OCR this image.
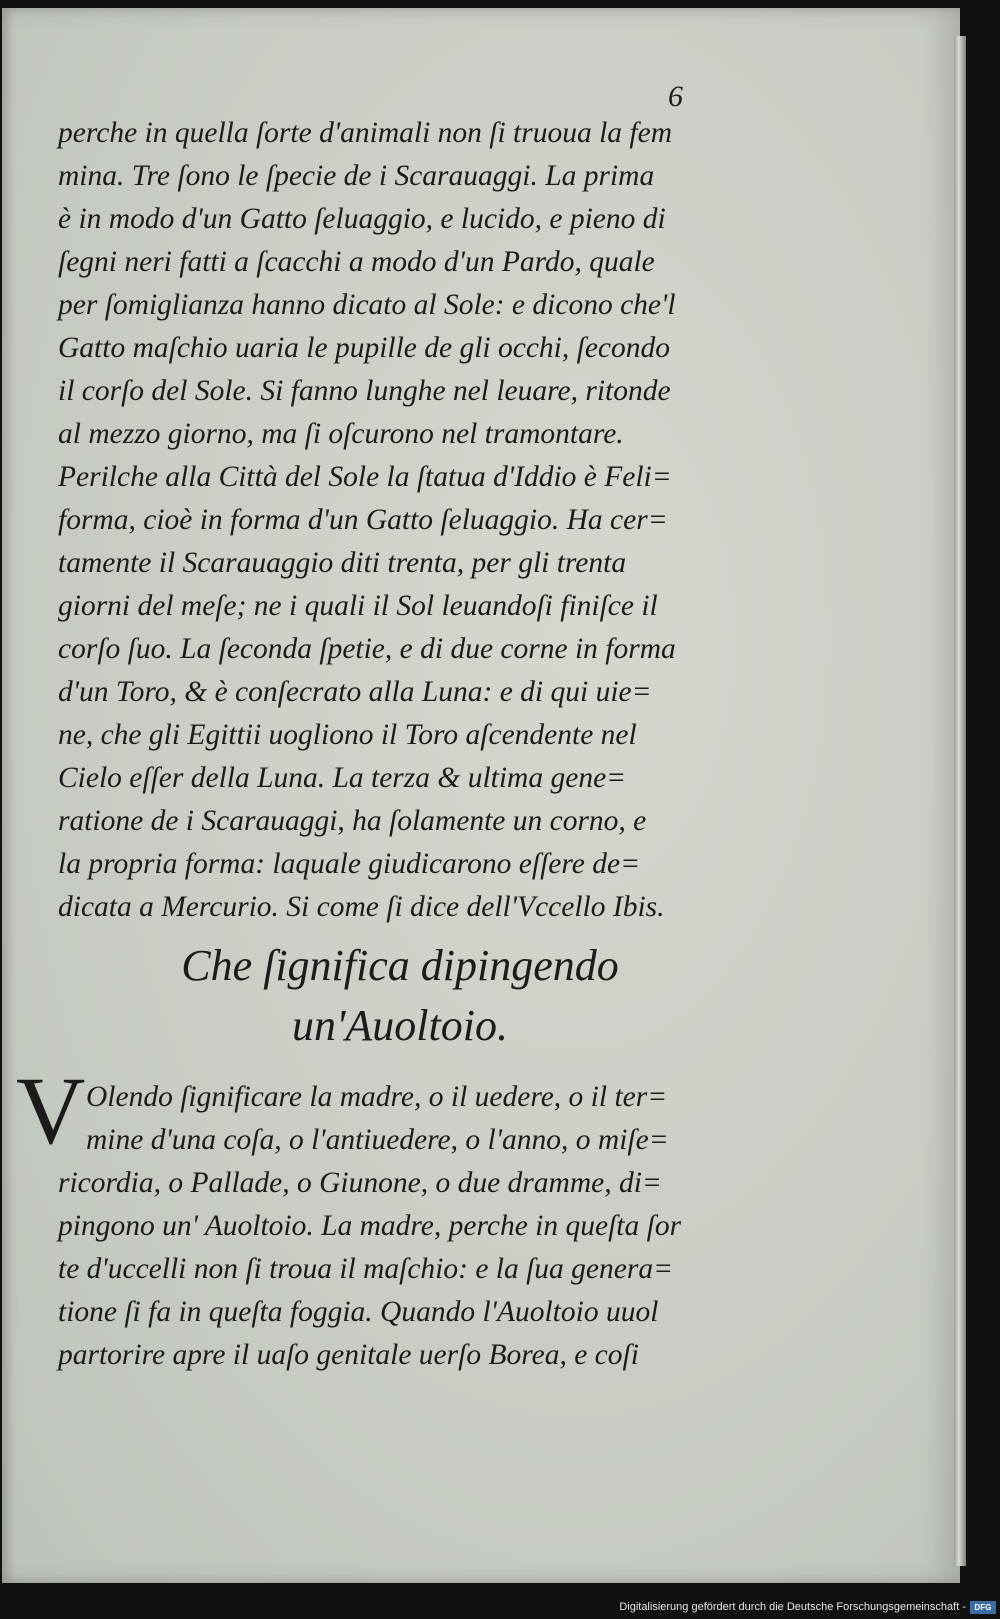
6
perche in quella ſorte d'animali non ſi truoua la fem
mina. Tre ſono le ſpecie de i Scarauaggi. La prima
è in modo d'un Gatto ſeluaggio, e lucido, e pieno di
ſegni neri fatti a ſcacchi a modo d'un Pardo, quale
per ſomiglianza hanno dicato al Sole: e dicono che'l
Gatto maſchio uaria le pupille de gli occhi, ſecondo
il corſo del Sole. Si fanno lunghe nel leuare, ritonde
al mezzo giorno, ma ſi oſcurono nel tramontare.
Perilche alla Città del Sole la ſtatua d'Iddio è Feli=
forma, cioè in forma d'un Gatto ſeluaggio. Ha cer=
tamente il Scarauaggio diti trenta, per gli trenta
giorni del meſe; ne i quali il Sol leuandoſi finiſce il
corſo ſuo. La ſeconda ſpetie, e di due corne in forma
d'un Toro, & è conſecrato alla Luna: e di qui uie=
ne, che gli Egittii uogliono il Toro aſcendente nel
Cielo eſſer della Luna. La terza & ultima gene=
ratione de i Scarauaggi, ha ſolamente un corno, e
la propria forma: laquale giudicarono eſſere de=
dicata a Mercurio. Si come ſi dice dell'Vccello Ibis.
Che ſignifica dipingendo
un'Auoltoio.
V Olendo ſignificare la madre, o il uedere, o il ter=
mine d'una coſa, o l'antiuedere, o l'anno, o miſe=
ricordia, o Pallade, o Giunone, o due dramme, di=
pingono un' Auoltoio. La madre, perche in queſta ſor
te d'uccelli non ſi troua il maſchio: e la ſua genera=
tione ſi fa in queſta foggia. Quando l'Auoltoio uuol
partorire apre il uaſo genitale uerſo Borea, e coſi
Digitalisierung gefördert durch die Deutsche Forschungsgemeinschaft -	DFG
